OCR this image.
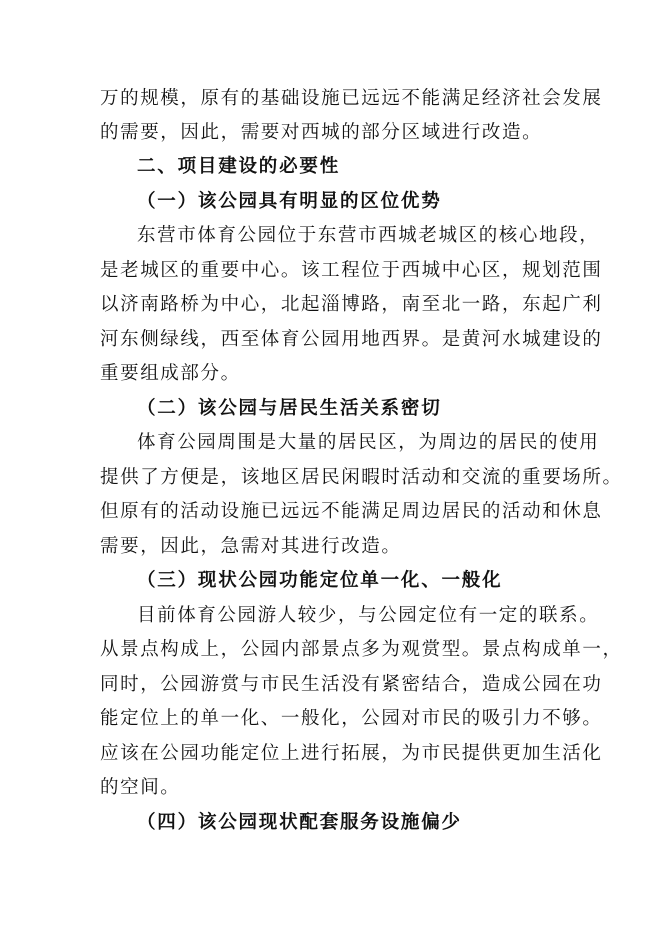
万的规模，原有的基础设施已远远不能满足经济社会发展
的需要，因此，需要对西城的部分区域进行改造。
二、项目建设的必要性
（一）该公园具有明显的区位优势
东营市体育公园位于东营市西城老城区的核心地段，
是老城区的重要中心。该工程位于西城中心区，规划范围
以济南路桥为中心，北起淄博路，南至北一路，东起广利
河东侧绿线，西至体育公园用地西界。是黄河水城建设的
重要组成部分。
（二）该公园与居民生活关系密切
体育公园周围是大量的居民区，为周边的居民的使用
提供了方便是，该地区居民闲暇时活动和交流的重要场所。
但原有的活动设施已远远不能满足周边居民的活动和休息
需要，因此，急需对其进行改造。
（三）现状公园功能定位单一化、一般化
目前体育公园游人较少，与公园定位有一定的联系。
从景点构成上，公园内部景点多为观赏型。景点构成单一，
同时，公园游赏与市民生活没有紧密结合，造成公园在功
能定位上的单一化、一般化，公园对市民的吸引力不够。
应该在公园功能定位上进行拓展，为市民提供更加生活化
的空间。
（四）该公园现状配套服务设施偏少
